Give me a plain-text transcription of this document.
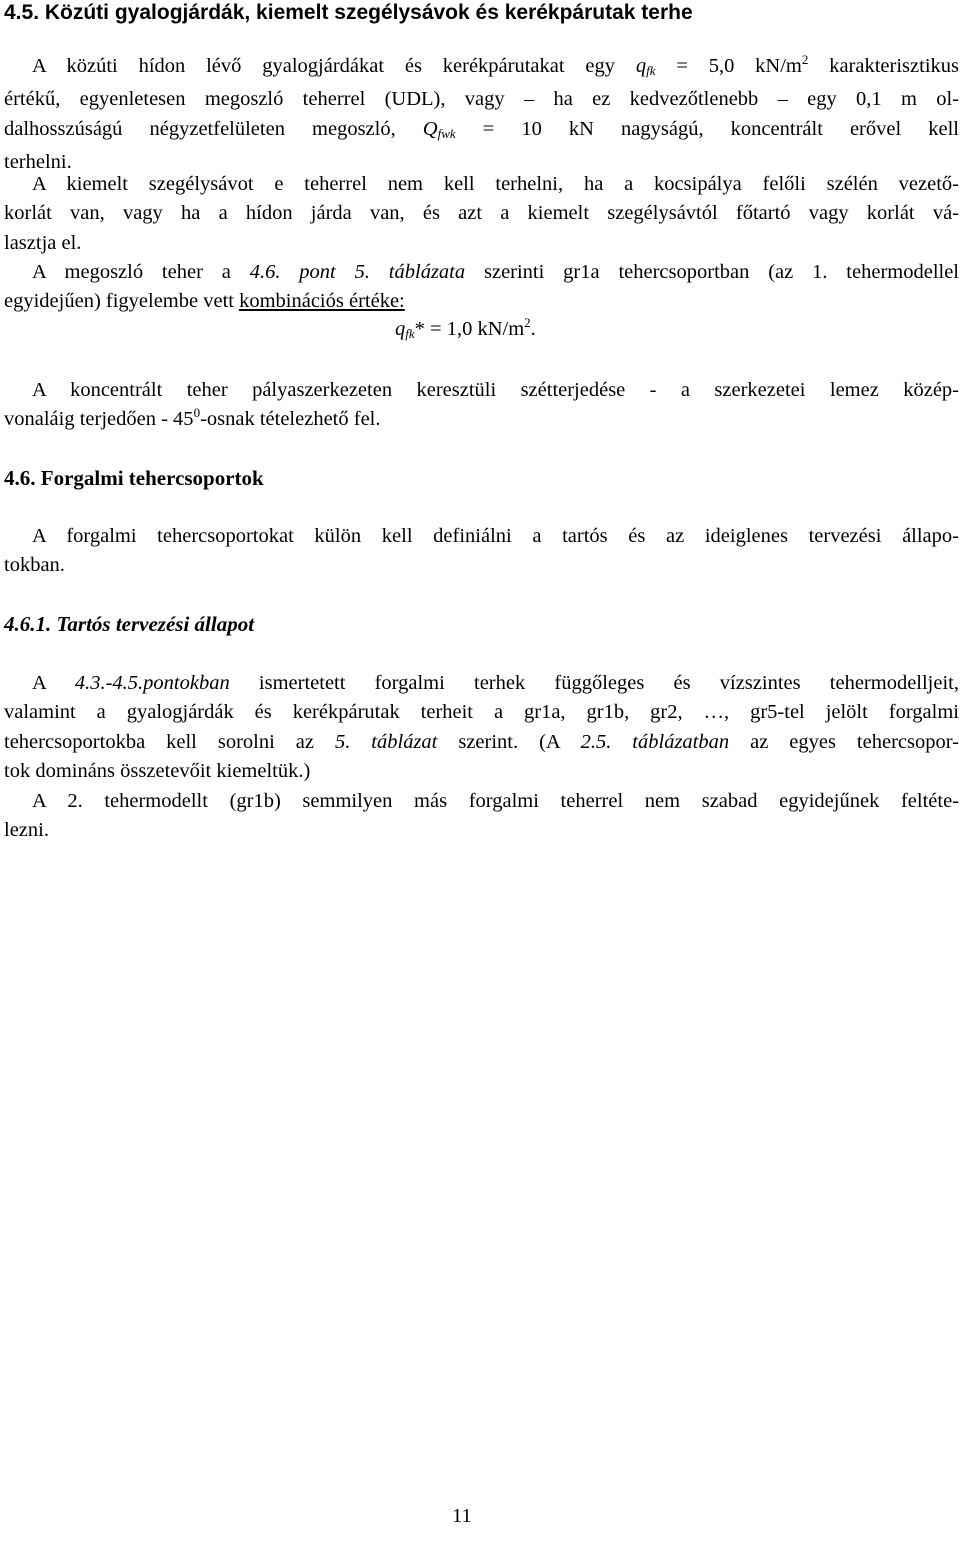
4.5. Közúti gyalogjárdák, kiemelt szegélysávok és kerékpárutak terhe
A közúti hídon lévő gyalogjárdákat és kerékpárutakat egy $q_{fk} = 5,0$ $kN/m^2$ karakterisztikus
értékű, egyenletesen megoszló teherrel (UDL), vagy – ha ez kedvezőtlenebb – egy 0,1 m ol-
dalhosszúságú négyzetfelületen megoszló, $Q_{fwk} = 10$ kN nagyságú, koncentrált erővel kell
terhelni.
A kiemelt szegélysávot e teherrel nem kell terhelni, ha a kocsipálya felőli szélén vezető-
korlát van, vagy ha a hídon járda van, és azt a kiemelt szegélysávtól főtartó vagy korlát vá-
lasztja el.
A megoszló teher a 4.6. pont 5. táblázata szerinti gr1a tehercsoportban (az 1. tehermodellel
egyidejűen) figyelembe vett kombinációs értéke:
$q_{fk}* = 1,0$ $kN/m^2$.
A koncentrált teher pályaszerkezeten keresztüli szétterjedése - a szerkezetei lemez közép-
vonaláig terjedően - $45^0$-osnak tételezhető fel.
4.6. Forgalmi tehercsoportok
A forgalmi tehercsoportokat külön kell definiálni a tartós és az ideiglenes tervezési állapo-
tokban.
4.6.1. Tartós tervezési állapot
A 4.3.-4.5.pontokban ismertetett forgalmi terhek függőleges és vízszintes tehermodelljeit,
valamint a gyalogjárdák és kerékpárutak terheit a gr1a, gr1b, gr2, …, gr5-tel jelölt forgalmi
tehercsoportokba kell sorolni az 5. táblázat szerint. (A 2.5. táblázatban az egyes tehercsopor-
tok domináns összetevőit kiemeltük.)
A 2. tehermodellt (gr1b) semmilyen más forgalmi teherrel nem szabad egyidejűnek feltéte-
lezni.
11
